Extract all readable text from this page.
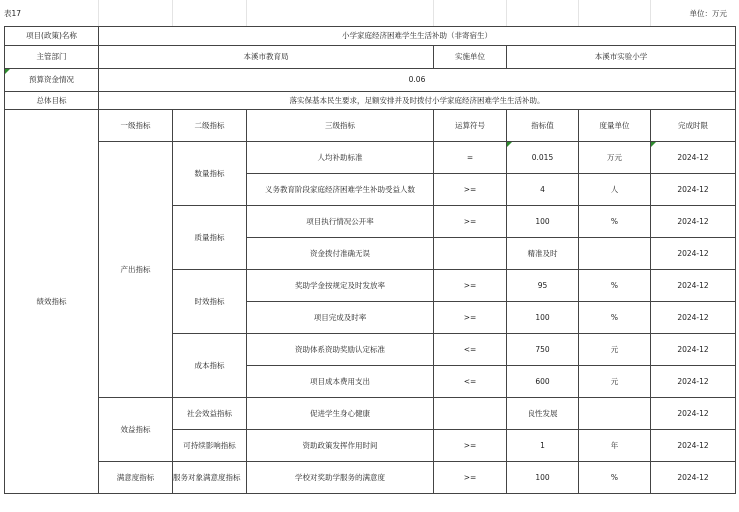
表17	单位：万元
项目(政策)名称	小学家庭经济困难学生生活补助（非寄宿生）						
主管部门	本溪市教育局			实施单位	本溪市实验小学		
预算资金情况	0.06						
总体目标	落实保基本民生要求，足额安排并及时拨付小学家庭经济困难学生生活补助。						
绩效指标	一级指标	二级指标	三级指标	运算符号	指标值	度量单位	完成时限
	产出指标	数量指标	人均补助标准	=	0.015	万元	2024-12
			义务教育阶段家庭经济困难学生补助受益人数	>=	4	人	2024-12
		质量指标	项目执行情况公开率	>=	100	%	2024-12
			资金拨付准确无误		精准及时		2024-12
		时效指标	奖助学金按规定及时发放率	>=	95	%	2024-12
			项目完成及时率	>=	100	%	2024-12
		成本指标	资助体系资助奖励认定标准	<=	750	元	2024-12
			项目成本费用支出	<=	600	元	2024-12
	效益指标	社会效益指标	促进学生身心健康		良性发展		2024-12
		可持续影响指标	资助政策发挥作用时间	>=	1	年	2024-12
	满意度指标	服务对象满意度指标	学校对奖助学服务的满意度	>=	100	%	2024-12
